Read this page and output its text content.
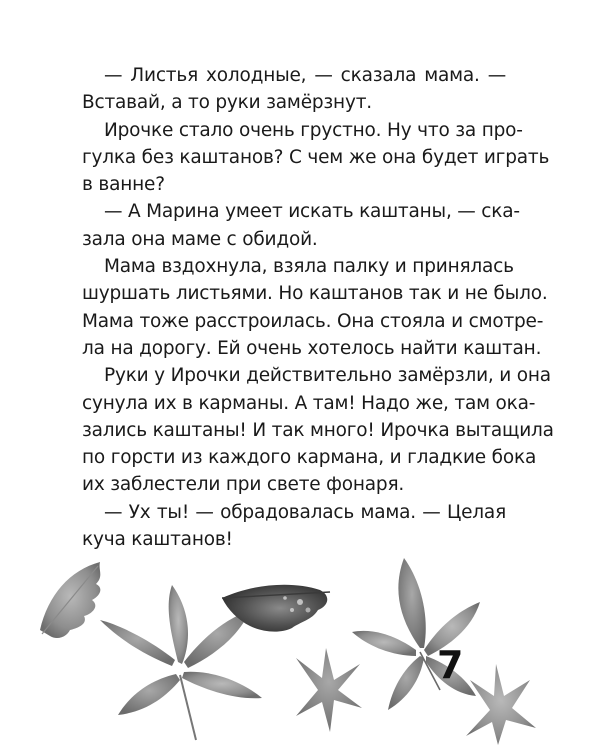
— Листья холодные, — сказала мама. —
Вставай, а то руки замёрзнут.
Ирочке стало очень грустно. Ну что за про-
гулка без каштанов? С чем же она будет играть
в ванне?
— А Марина умеет искать каштаны, — ска-
зала она маме с обидой.
Мама вздохнула, взяла палку и принялась
шуршать листьями. Но каштанов так и не было.
Мама тоже расстроилась. Она стояла и смотре-
ла на дорогу. Ей очень хотелось найти каштан.
Руки у Ирочки действительно замёрзли, и она
сунула их в карманы. А там! Надо же, там ока-
зались каштаны! И так много! Ирочка вытащила
по горсти из каждого кармана, и гладкие бока
их заблестели при свете фонаря.
— Ух ты! — обрадовалась мама. — Целая
куча каштанов!
7
